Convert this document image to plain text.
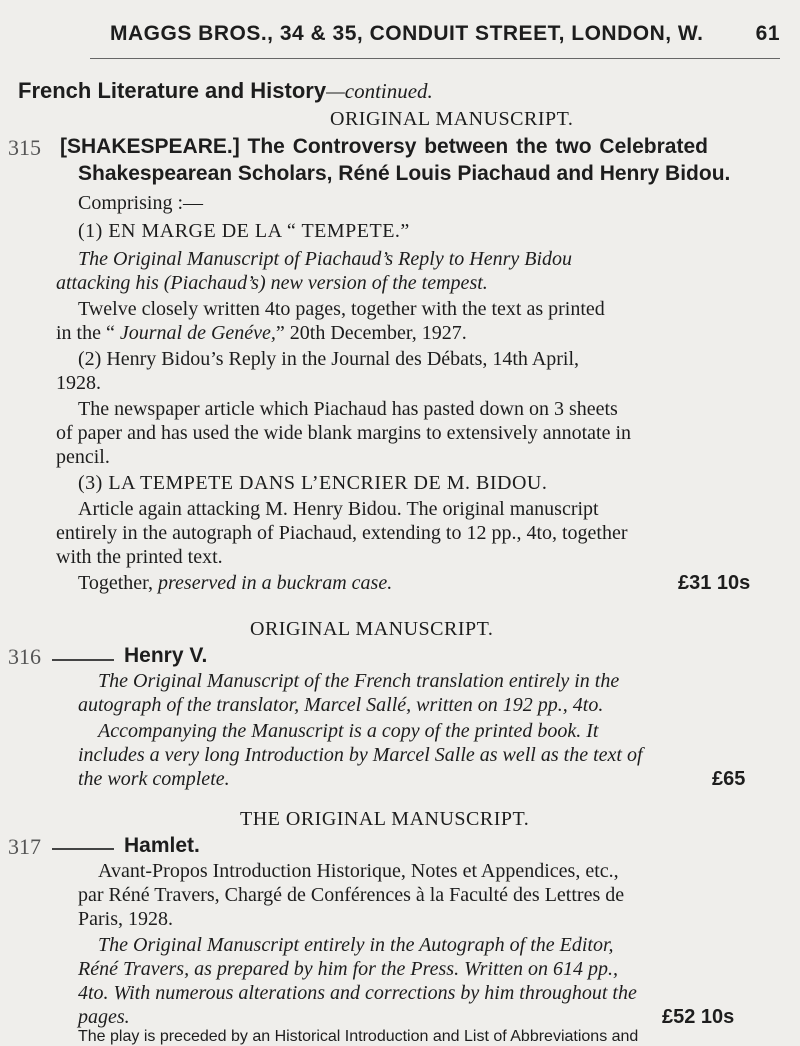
MAGGS BROS., 34 & 35, CONDUIT STREET, LONDON, W. 61
French Literature and History—continued.
ORIGINAL MANUSCRIPT.
315 [SHAKESPEARE.] The Controversy between the two Celebrated
Shakespearean Scholars, Réné Louis Piachaud and Henry Bidou.
Comprising :—
(1) EN MARGE DE LA “ TEMPETE.”
The Original Manuscript of Piachaud’s Reply to Henry Bidou
attacking his (Piachaud’s) new version of the tempest.
Twelve closely written 4to pages, together with the text as printed
in the “ Journal de Genéve,” 20th December, 1927.
(2) Henry Bidou’s Reply in the Journal des Débats, 14th April,
1928.
The newspaper article which Piachaud has pasted down on 3 sheets
of paper and has used the wide blank margins to extensively annotate in
pencil.
(3) LA TEMPETE DANS L’ENCRIER DE M. BIDOU.
Article again attacking M. Henry Bidou. The original manuscript
entirely in the autograph of Piachaud, extending to 12 pp., 4to, together
with the printed text.
Together, preserved in a buckram case.	£31 10s
ORIGINAL MANUSCRIPT.
316	Henry V.
The Original Manuscript of the French translation entirely in the
autograph of the translator, Marcel Sallé, written on 192 pp., 4to.
Accompanying the Manuscript is a copy of the printed book. It
includes a very long Introduction by Marcel Salle as well as the text of
the work complete.	£65
THE ORIGINAL MANUSCRIPT.
317	Hamlet.
Avant-Propos Introduction Historique, Notes et Appendices, etc.,
par Réné Travers, Chargé de Conférences à la Faculté des Lettres de
Paris, 1928.
The Original Manuscript entirely in the Autograph of the Editor,
Réné Travers, as prepared by him for the Press. Written on 614 pp.,
4to. With numerous alterations and corrections by him throughout the
pages.	£52 10s
The play is preceded by an Historical Introduction and List of Abbreviations and
